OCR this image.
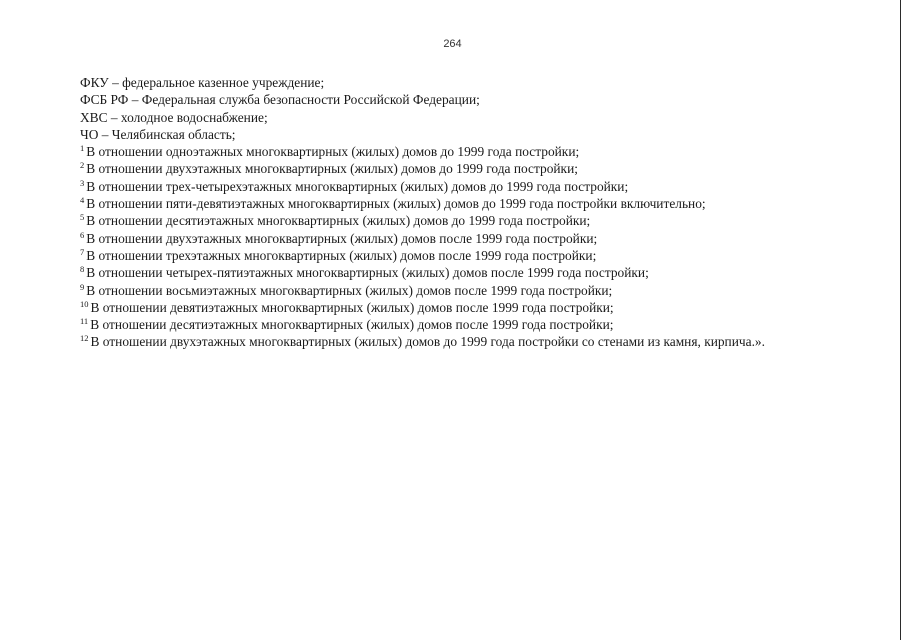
264
ФКУ – федеральное казенное учреждение;
ФСБ РФ – Федеральная служба безопасности Российской Федерации;
ХВС – холодное водоснабжение;
ЧО – Челябинская область;
$^1$ В отношении одноэтажных многоквартирных (жилых) домов до 1999 года постройки;
$^2$ В отношении двухэтажных многоквартирных (жилых) домов до 1999 года постройки;
$^3$ В отношении трех-четырехэтажных многоквартирных (жилых) домов до 1999 года постройки;
$^4$ В отношении пяти-девятиэтажных многоквартирных (жилых) домов до 1999 года постройки включительно;
$^5$ В отношении десятиэтажных многоквартирных (жилых) домов до 1999 года постройки;
$^6$ В отношении двухэтажных многоквартирных (жилых) домов после 1999 года постройки;
$^7$ В отношении трехэтажных многоквартирных (жилых) домов после 1999 года постройки;
$^8$ В отношении четырех-пятиэтажных многоквартирных (жилых) домов после 1999 года постройки;
$^9$ В отношении восьмиэтажных многоквартирных (жилых) домов после 1999 года постройки;
$^{10}$ В отношении девятиэтажных многоквартирных (жилых) домов после 1999 года постройки;
$^{11}$ В отношении десятиэтажных многоквартирных (жилых) домов после 1999 года постройки;
$^{12}$ В отношении двухэтажных многоквартирных (жилых) домов до 1999 года постройки со стенами из камня, кирпича.».
